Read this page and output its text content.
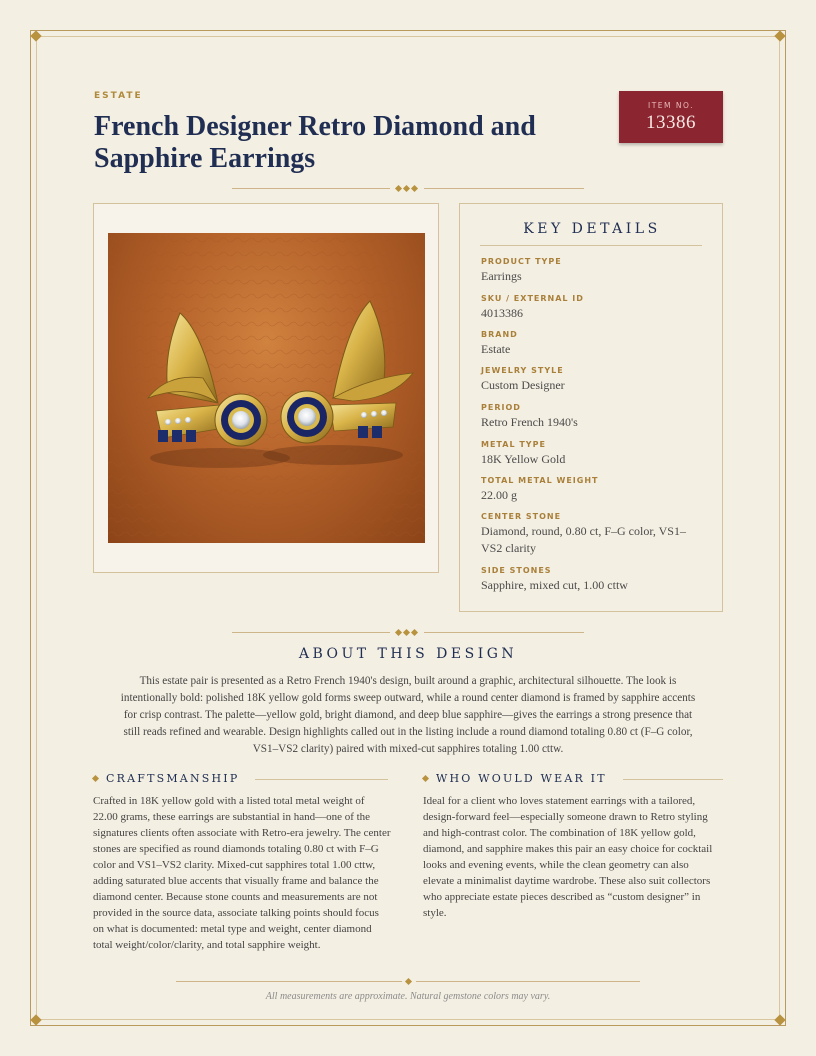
ESTATE
French Designer Retro Diamond and Sapphire Earrings
ITEM NO.
13386
KEY DETAILS
PRODUCT TYPE
Earrings
SKU / EXTERNAL ID
4013386
BRAND
Estate
JEWELRY STYLE
Custom Designer
PERIOD
Retro French 1940's
METAL TYPE
18K Yellow Gold
TOTAL METAL WEIGHT
22.00 g
CENTER STONE
Diamond, round, 0.80 ct, F–G color, VS1–VS2 clarity
SIDE STONES
Sapphire, mixed cut, 1.00 cttw
ABOUT THIS DESIGN

This estate pair is presented as a Retro French 1940's design, built around a graphic, architectural silhouette. The look is intentionally bold: polished 18K yellow gold forms sweep outward, while a round center diamond is framed by sapphire accents for crisp contrast. The palette—yellow gold, bright diamond, and deep blue sapphire—gives the earrings a strong presence that still reads refined and wearable. Design highlights called out in the listing include a round diamond totaling 0.80 ct (F–G color, VS1–VS2 clarity) paired with mixed-cut sapphires totaling 1.00 cttw.

CRAFTSMANSHIP

Crafted in 18K yellow gold with a listed total metal weight of 22.00 grams, these earrings are substantial in hand—one of the signatures clients often associate with Retro-era jewelry. The center stones are specified as round diamonds totaling 0.80 ct with F–G color and VS1–VS2 clarity. Mixed-cut sapphires total 1.00 cttw, adding saturated blue accents that visually frame and balance the diamond center. Because stone counts and measurements are not provided in the source data, associate talking points should focus on what is documented: metal type and weight, center diamond total weight/color/clarity, and total sapphire weight.

WHO WOULD WEAR IT

Ideal for a client who loves statement earrings with a tailored, design-forward feel—especially someone drawn to Retro styling and high-contrast color. The combination of 18K yellow gold, diamond, and sapphire makes this pair an easy choice for cocktail looks and evening events, while the clean geometry can also elevate a minimalist daytime wardrobe. These also suit collectors who appreciate estate pieces described as “custom designer” in style.

All measurements are approximate. Natural gemstone colors may vary.
